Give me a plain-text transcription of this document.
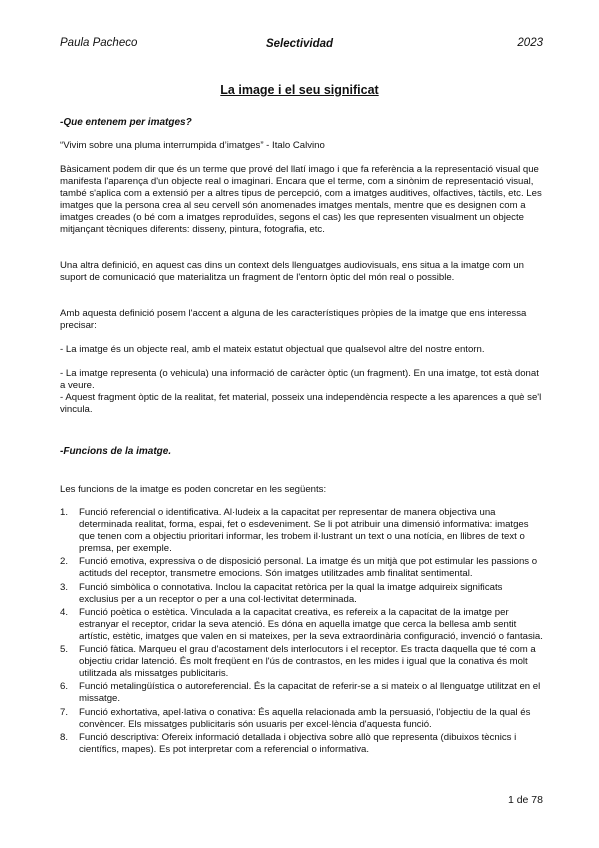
Paula Pacheco	Selectividad	2023
La image i el seu significat
-Que entenem per imatges?
“Vivim sobre una pluma interrumpida d’imatges” - Italo Calvino
Bàsicament podem dir que és un terme que prové del llatí imago i que fa referència a la representació visual que manifesta l'aparença d'un objecte real o imaginari. Encara que el terme, com a sinònim de representació visual, també s'aplica com a extensió per a altres tipus de percepció, com a imatges auditives, olfactives, tàctils, etc. Les imatges que la persona crea al seu cervell són anomenades imatges mentals, mentre que es designen com a imatges creades (o bé com a imatges reproduïdes, segons el cas) les que representen visualment un objecte mitjançant tècniques diferents: disseny, pintura, fotografia, etc.
Una altra definició, en aquest cas dins un context dels llenguatges audiovisuals, ens situa a la imatge com un suport de comunicació que materialitza un fragment de l'entorn òptic del món real o possible.
Amb aquesta definició posem l'accent a alguna de les característiques pròpies de la imatge que ens interessa precisar:
- La imatge és un objecte real, amb el mateix estatut objectual que qualsevol altre del nostre entorn.
- La imatge representa (o vehicula) una informació de caràcter òptic (un fragment). En una imatge, tot està donat a veure.
- Aquest fragment òptic de la realitat, fet material, posseix una independència respecte a les aparences a què se'l vincula.
-Funcions de la imatge.
Les funcions de la imatge es poden concretar en les següents:
1. Funció referencial o identificativa. Al·ludeix a la capacitat per representar de manera objectiva una determinada realitat, forma, espai, fet o esdeveniment. Se li pot atribuir una dimensió informativa: imatges que tenen com a objectiu prioritari informar, les trobem il·lustrant un text o una notícia, en llibres de text o premsa, per exemple.
2. Funció emotiva, expressiva o de disposició personal. La imatge és un mitjà que pot estimular les passions o actituds del receptor, transmetre emocions. Són imatges utilitzades amb finalitat sentimental.
3. Funció simbòlica o connotativa. Inclou la capacitat retòrica per la qual la imatge adquireix significats exclusius per a un receptor o per a una col·lectivitat determinada.
4. Funció poètica o estètica. Vinculada a la capacitat creativa, es refereix a la capacitat de la imatge per estranyar el receptor, cridar la seva atenció. Es dóna en aquella imatge que cerca la bellesa amb sentit artístic, estètic, imatges que valen en si mateixes, per la seva extraordinària configuració, invenció o fantasia.
5. Funció fàtica. Marqueu el grau d'acostament dels interlocutors i el receptor. Es tracta daquella que té com a objectiu cridar latenció. És molt freqüent en l'ús de contrastos, en les mides i igual que la conativa és molt utilitzada als missatges publicitaris.
6. Funció metalingüística o autoreferencial. És la capacitat de referir-se a si mateix o al llenguatge utilitzat en el missatge.
7. Funció exhortativa, apel·lativa o conativa: És aquella relacionada amb la persuasió, l'objectiu de la qual és convèncer. Els missatges publicitaris són usuaris per excel·lència d'aquesta funció.
8. Funció descriptiva: Ofereix informació detallada i objectiva sobre allò que representa (dibuixos tècnics i científics, mapes). Es pot interpretar com a referencial o informativa.
1 de 78
